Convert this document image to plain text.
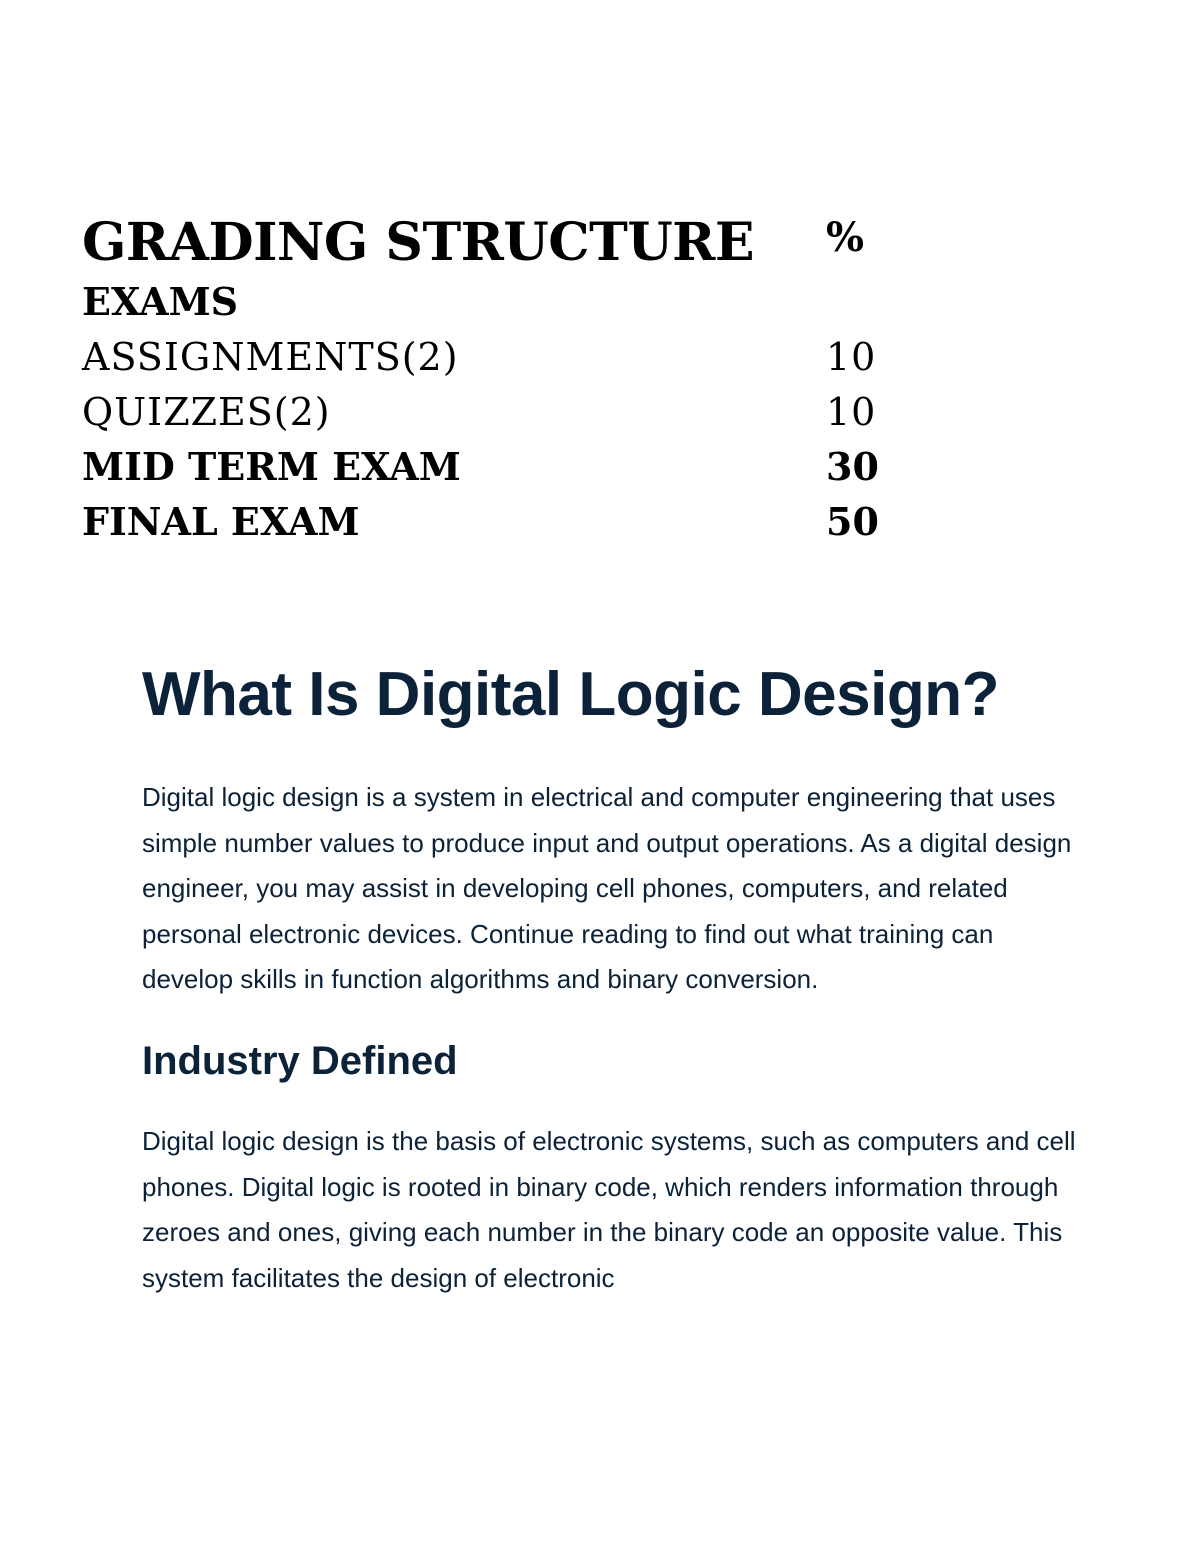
GRADING STRUCTURE %
EXAMS
ASSIGNMENTS(2)	10
QUIZZES(2)	10
MID TERM EXAM	30
FINAL EXAM	50
What Is Digital Logic Design?

Digital logic design is a system in electrical and computer engineering that uses simple number values to produce input and output operations. As a digital design engineer, you may assist in developing cell phones, computers, and related personal electronic devices. Continue reading to find out what training can develop skills in function algorithms and binary conversion.

Industry Defined

Digital logic design is the basis of electronic systems, such as computers and cell phones. Digital logic is rooted in binary code, which renders information through zeroes and ones, giving each number in the binary code an opposite value. This system facilitates the design of electronic
